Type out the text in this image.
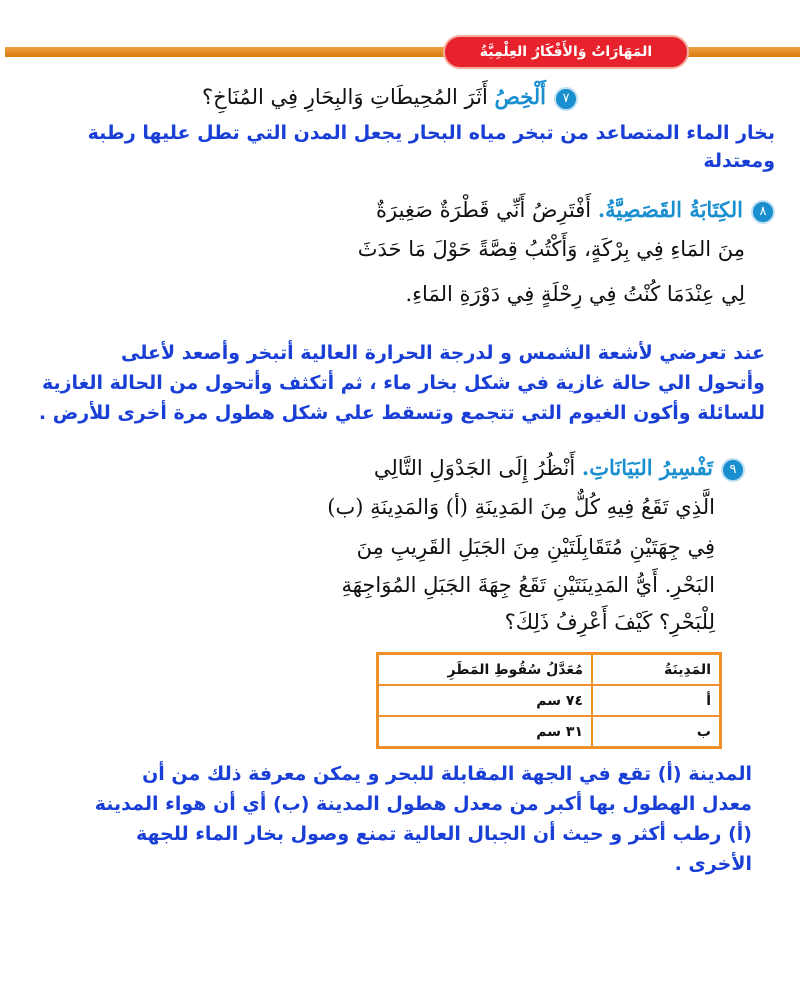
المَهَارَاتُ وَالأَفْكَارُ العِلْمِيَّةُ
٧أَلْخِصُ أَثَرَ المُحِيطَاتِ وَالبِحَارِ فِي المُنَاخِ؟
بخار الماء المتصاعد من تبخر مياه البحار يجعل المدن التي تطل عليها رطبة
ومعتدلة
٨الكِتَابَةُ القَصَصِيَّةُ. أَفْتَرِضُ أَنِّي قَطْرَةٌ صَغِيرَةٌ
مِنَ المَاءِ فِي بِرْكَةٍ، وَأَكْتُبُ قِصَّةً حَوْلَ مَا حَدَثَ
لِي عِنْدَمَا كُنْتُ فِي رِحْلَةٍ فِي دَوْرَةِ المَاءِ.
عند تعرضي لأشعة الشمس و لدرجة الحرارة العالية أتبخر وأصعد لأعلى
وأتحول الي حالة غازية في شكل بخار ماء ، ثم أتكثف وأتحول من الحالة الغازية
للسائلة وأكون الغيوم التي تتجمع وتسقط علي شكل هطول مرة أخرى للأرض .
٩تَفْسِيرُ البَيَانَاتِ. أَنْظُرُ إِلَى الجَدْوَلِ التَّالِي
الَّذِي تَقَعُ فِيهِ كُلٌّ مِنَ المَدِينَةِ (أ) وَالمَدِينَةِ (ب)
فِي جِهَتَيْنِ مُتَقَابِلَتَيْنِ مِنَ الجَبَلِ القَرِيبِ مِنَ
البَحْرِ. أَيُّ المَدِينَتَيْنِ تَقَعُ جِهَةَ الجَبَلِ المُوَاجِهَةِ
لِلْبَحْرِ؟ كَيْفَ أَعْرِفُ ذَلِكَ؟
المَدِينَةُ	مُعَدَّلُ سُقُوطِ المَطَرِ
أ	٧٤ سم
ب	٣١ سم
المدينة (أ) تقع في الجهة المقابلة للبحر و يمكن معرفة ذلك من أن
معدل الهطول بها أكبر من معدل هطول المدينة (ب) أي أن هواء المدينة
(أ) رطب أكثر و حيث أن الجبال العالية تمنع وصول بخار الماء للجهة
الأخرى .
